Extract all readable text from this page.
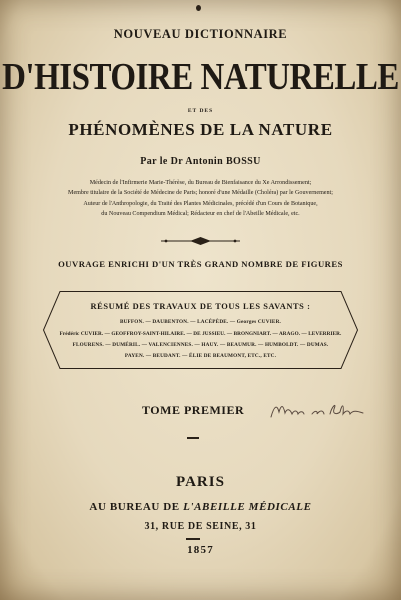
NOUVEAU DICTIONNAIRE
D'HISTOIRE NATURELLE
ET DES
PHÉNOMÈNES DE LA NATURE
Par le Dr Antonin BOSSU
Médecin de l'Infirmerie Marie-Thérèse, du Bureau de Bienfaisance du Xe Arrondissement;
Membre titulaire de la Société de Médecine de Paris; honoré d'une Médaille (Choléra) par le Gouvernement;
Auteur de l'Anthropologie, du Traité des Plantes Médicinales, précédé d'un Cours de Botanique,
du Nouveau Compendium Médical; Rédacteur en chef de l'Abeille Médicale, etc.
OUVRAGE ENRICHI D'UN TRÈS GRAND NOMBRE DE FIGURES
RÉSUMÉ DES TRAVAUX DE TOUS LES SAVANTS :
BUFFON. — DAUBENTON. — LACÉPÈDE. — Georges CUVIER.
Frédéric CUVIER. — GEOFFROY-SAINT-HILAIRE. — DE JUSSIEU. — BRONGNIART. — ARAGO. — LEVERRIER.
FLOURENS. — DUMÉRIL. — VALENCIENNES. — HAUY. — BEAUMUR. — HUMBOLDT. — DUMAS.
PAYEN. — BEUDANT. — ÉLIE DE BEAUMONT, ETC., ETC.
TOME PREMIER
PARIS
AU BUREAU DE L'ABEILLE MÉDICALE
31, RUE DE SEINE, 31
1857
